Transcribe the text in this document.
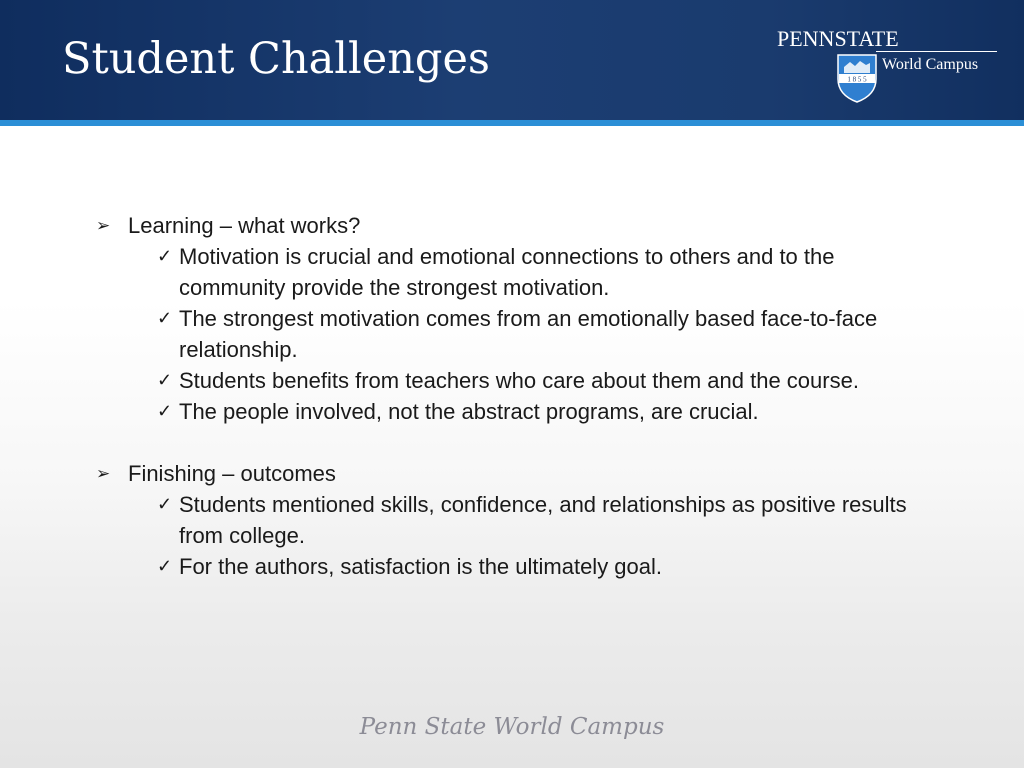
Student Challenges	PENNSTATE
1 8 5 5
World Campus
➢ Learning – what works?
✓ Motivation is crucial and emotional connections to others and to the community provide the strongest motivation.
✓ The strongest motivation comes from an emotionally based face-to-face relationship.
✓ Students benefits from teachers who care about them and the course.
✓ The people involved, not the abstract programs, are crucial.
➢ Finishing – outcomes
✓ Students mentioned skills, confidence, and relationships as positive results from college.
✓ For the authors, satisfaction is the ultimately goal.
Penn State World Campus
